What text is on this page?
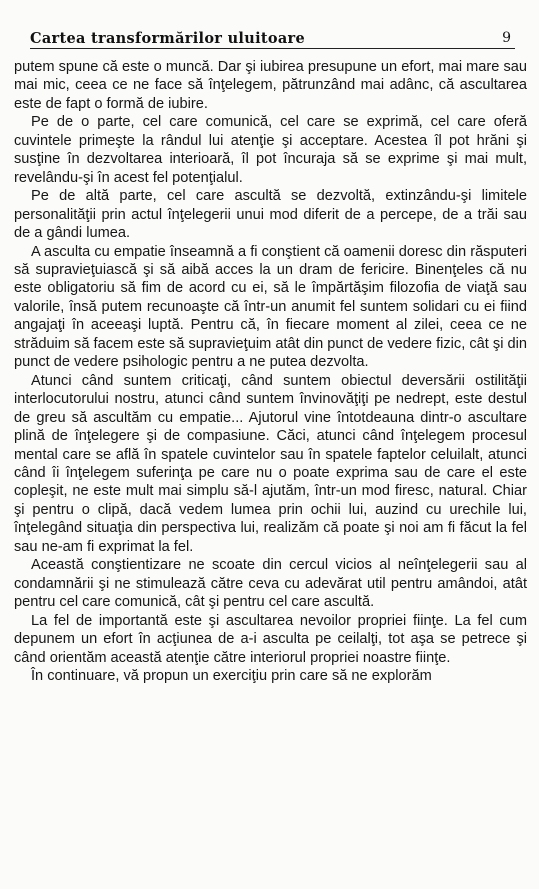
Cartea transformărilor uluitoare	9

putem spune că este o muncă. Dar şi iubirea presupune un efort, mai mare sau mai mic, ceea ce ne face să înţelegem, pătrunzând mai adânc, că ascultarea este de fapt o formă de iubire.

Pe de o parte, cel care comunică, cel care se exprimă, cel care oferă cuvintele primeşte la rândul lui atenţie şi acceptare. Acestea îl pot hrăni şi susţine în dezvoltarea interioară, îl pot încuraja să se exprime şi mai mult, revelându-şi în acest fel potenţialul.

Pe de altă parte, cel care ascultă se dezvoltă, extinzându-şi limitele personalităţii prin actul înţelegerii unui mod diferit de a percepe, de a trăi sau de a gândi lumea.

A asculta cu empatie înseamnă a fi conştient că oamenii doresc din răsputeri să supravieţuiască şi să aibă acces la un dram de fericire. Binenţeles că nu este obligatoriu să fim de acord cu ei, să le împărtăşim filozofia de viaţă sau valorile, însă putem recunoaşte că într-un anumit fel suntem solidari cu ei fiind angajaţi în aceeaşi luptă. Pentru că, în fiecare moment al zilei, ceea ce ne străduim să facem este să supravieţuim atât din punct de vedere fizic, cât şi din punct de vedere psihologic pentru a ne putea dezvolta.

Atunci când suntem criticaţi, când suntem obiectul deversării ostilităţii interlocutorului nostru, atunci când suntem învinovăţiţi pe nedrept, este destul de greu să ascultăm cu empatie... Ajutorul vine întotdeauna dintr-o ascultare plină de înţelegere şi de compasiune. Căci, atunci când înţelegem procesul mental care se află în spatele cuvintelor sau în spatele faptelor celuilalt, atunci când îi înţelegem suferinţa pe care nu o poate exprima sau de care el este copleşit, ne este mult mai simplu să-l ajutăm, într-un mod firesc, natural. Chiar şi pentru o clipă, dacă vedem lumea prin ochii lui, auzind cu urechile lui, înţelegând situaţia din perspectiva lui, realizăm că poate şi noi am fi făcut la fel sau ne-am fi exprimat la fel.

Această conştientizare ne scoate din cercul vicios al neînţelegerii sau al condamnării şi ne stimulează către ceva cu adevărat util pentru amândoi, atât pentru cel care comunică, cât şi pentru cel care ascultă.

La fel de importantă este şi ascultarea nevoilor propriei fiinţe. La fel cum depunem un efort în acţiunea de a-i asculta pe ceilalţi, tot aşa se petrece şi când orientăm această atenţie către interiorul propriei noastre fiinţe.

În continuare, vă propun un exerciţiu prin care să ne explorăm
